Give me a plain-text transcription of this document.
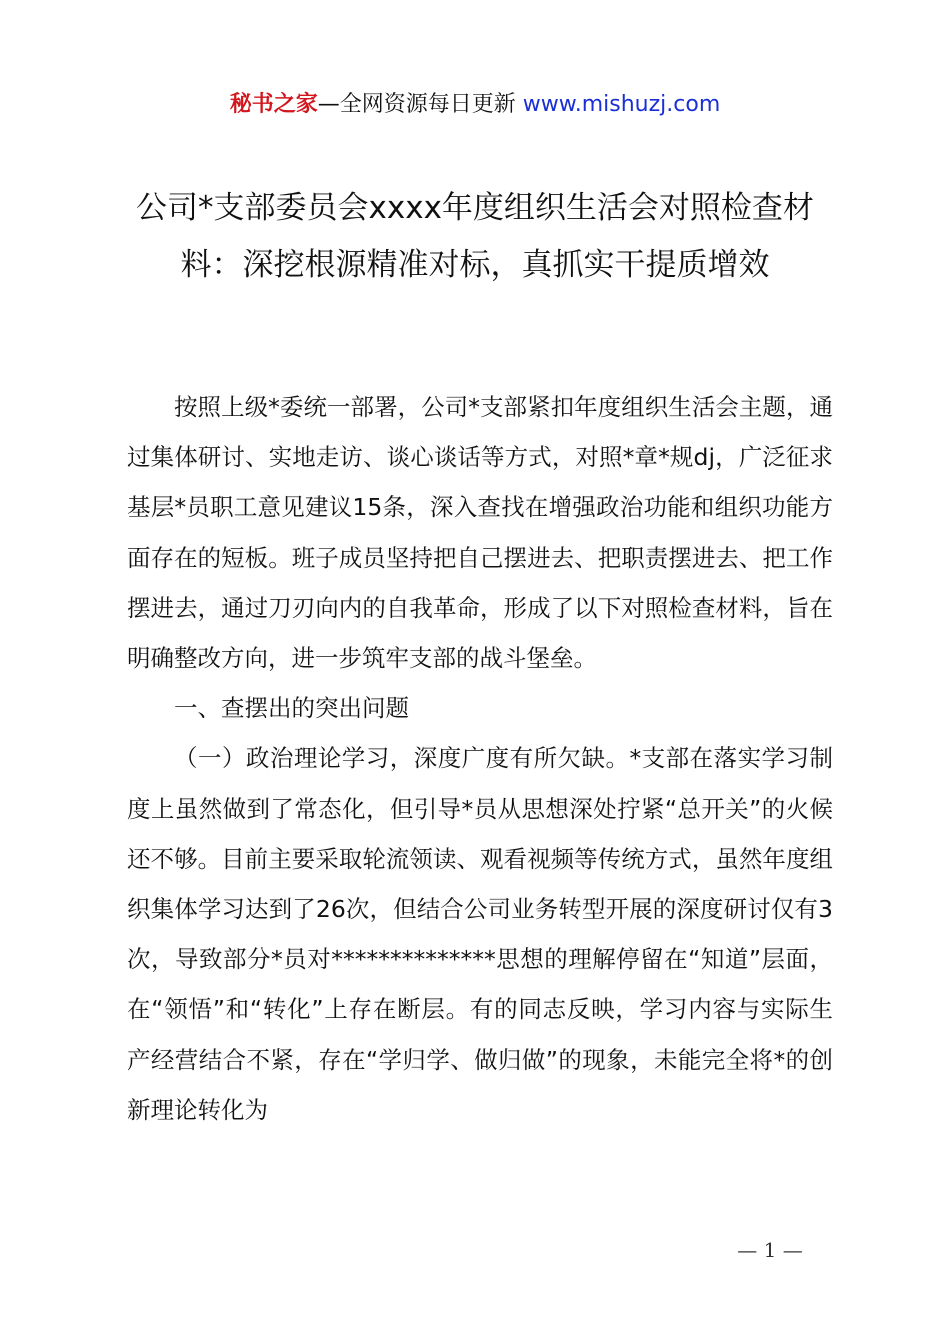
秘书之家—全网资源每日更新 www.mishuzj.com
公司*支部委员会xxxx年度组织生活会对照检查材料：深挖根源精准对标，真抓实干提质增效

按照上级*委统一部署，公司*支部紧扣年度组织生活会主题，通过集体研讨、实地走访、谈心谈话等方式，对照*章*规dj，广泛征求基层*员职工意见建议15条，深入查找在增强政治功能和组织功能方面存在的短板。班子成员坚持把自己摆进去、把职责摆进去、把工作摆进去，通过刀刃向内的自我革命，形成了以下对照检查材料，旨在明确整改方向，进一步筑牢支部的战斗堡垒。

一、查摆出的突出问题

（一）政治理论学习，深度广度有所欠缺。*支部在落实学习制度上虽然做到了常态化，但引导*员从思想深处拧紧“总开关”的火候还不够。目前主要采取轮流领读、观看视频等传统方式，虽然年度组织集体学习达到了26次，但结合公司业务转型开展的深度研讨仅有3次，导致部分*员对**************思想的理解停留在“知道”层面，在“领悟”和“转化”上存在断层。有的同志反映，学习内容与实际生产经营结合不紧，存在“学归学、做归做”的现象，未能完全将*的创新理论转化为

— 1 —
